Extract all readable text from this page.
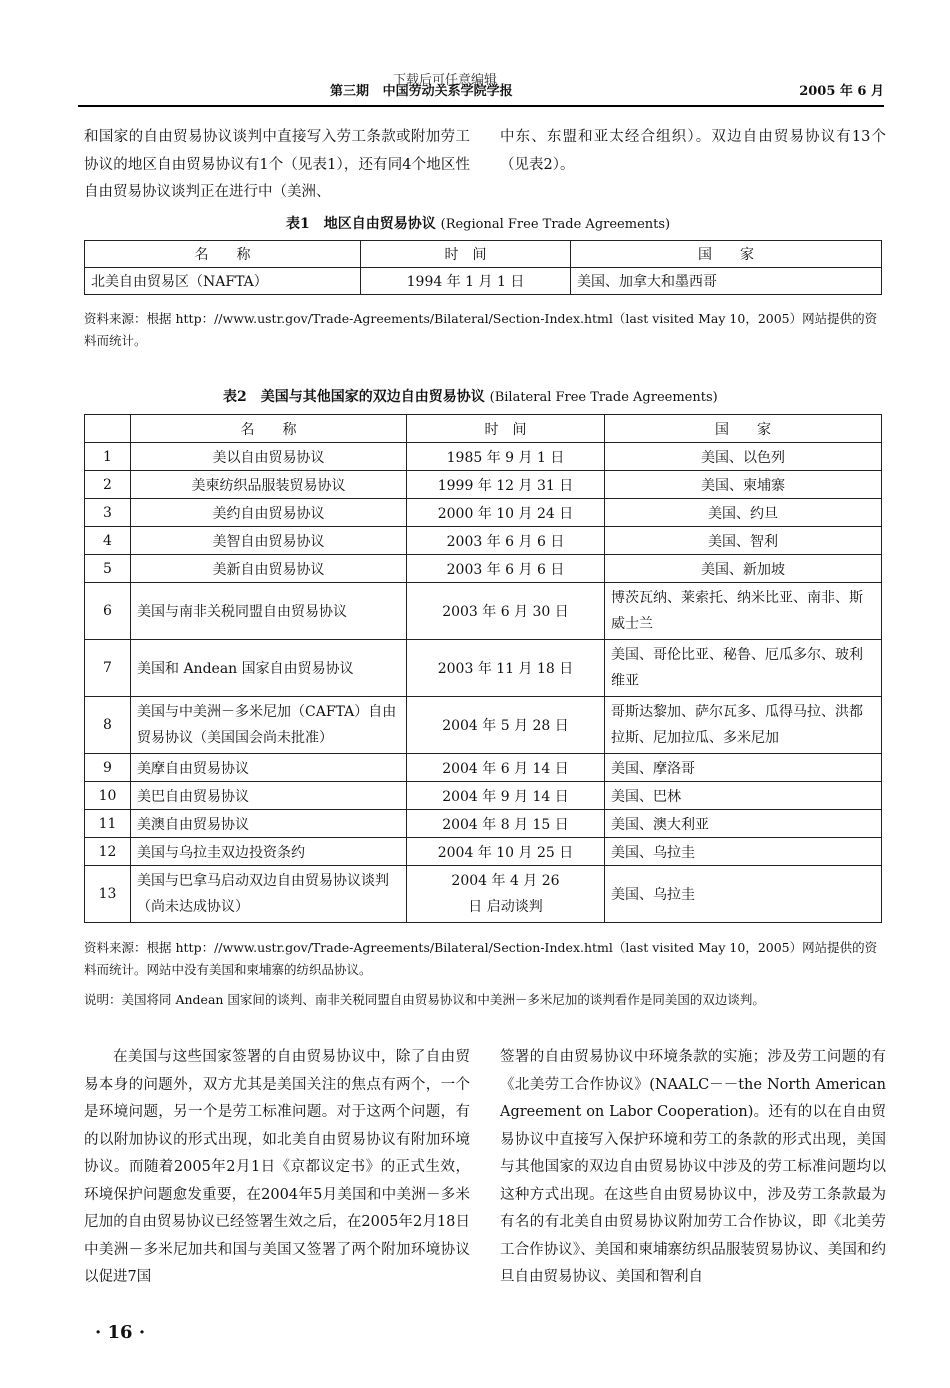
下载后可任意编辑
第三期 中国劳动关系学院学报	2005 年 6 月

和国家的自由贸易协议谈判中直接写入劳工条款或附加劳工协议的地区自由贸易协议有1个（见表1），还有同4个地区性自由贸易协议谈判正在进行中（美洲、

中东、东盟和亚太经合组织）。双边自由贸易协议有13个（见表2）。

表1　地区自由贸易协议 (Regional Free Trade Agreements)
名　　称	时　间	国　　家
北美自由贸易区（NAFTA）	1994 年 1 月 1 日	美国、加拿大和墨西哥

资料来源：根据 http：//www.ustr.gov/Trade-Agreements/Bilateral/Section-Index.html（last visited May 10，2005）网站提供的资料而统计。

表2　美国与其他国家的双边自由贸易协议 (Bilateral Free Trade Agreements)
	名　　称	时　间	国　　家
1	美以自由贸易协议	1985 年 9 月 1 日	美国、以色列
2	美柬纺织品服装贸易协议	1999 年 12 月 31 日	美国、柬埔寨
3	美约自由贸易协议	2000 年 10 月 24 日	美国、约旦
4	美智自由贸易协议	2003 年 6 月 6 日	美国、智利
5	美新自由贸易协议	2003 年 6 月 6 日	美国、新加坡
6	美国与南非关税同盟自由贸易协议	2003 年 6 月 30 日	博茨瓦纳、莱索托、纳米比亚、南非、斯威士兰
7	美国和 Andean 国家自由贸易协议	2003 年 11 月 18 日	美国、哥伦比亚、秘鲁、厄瓜多尔、玻利维亚
8	美国与中美洲－多米尼加（CAFTA）自由贸易协议（美国国会尚未批准）	2004 年 5 月 28 日	哥斯达黎加、萨尔瓦多、瓜得马拉、洪都拉斯、尼加拉瓜、多米尼加
9	美摩自由贸易协议	2004 年 6 月 14 日	美国、摩洛哥
10	美巴自由贸易协议	2004 年 9 月 14 日	美国、巴林
11	美澳自由贸易协议	2004 年 8 月 15 日	美国、澳大利亚
12	美国与乌拉圭双边投资条约	2004 年 10 月 25 日	美国、乌拉圭
13	美国与巴拿马启动双边自由贸易协议谈判（尚未达成协议）	2004 年 4 月 26 日 启动谈判	美国、乌拉圭

资料来源：根据 http：//www.ustr.gov/Trade-Agreements/Bilateral/Section-Index.html（last visited May 10，2005）网站提供的资料而统计。网站中没有美国和柬埔寨的纺织品协议。

说明：美国将同 Andean 国家间的谈判、南非关税同盟自由贸易协议和中美洲－多米尼加的谈判看作是同美国的双边谈判。

在美国与这些国家签署的自由贸易协议中，除了自由贸易本身的问题外，双方尤其是美国关注的焦点有两个，一个是环境问题，另一个是劳工标准问题。对于这两个问题，有的以附加协议的形式出现，如北美自由贸易协议有附加环境协议。而随着2005年2月1日《京都议定书》的正式生效，环境保护问题愈发重要，在2004年5月美国和中美洲－多米尼加的自由贸易协议已经签署生效之后，在2005年2月18日中美洲－多米尼加共和国与美国又签署了两个附加环境协议以促进7国

签署的自由贸易协议中环境条款的实施；涉及劳工问题的有《北美劳工合作协议》(NAALC－－the North American Agreement on Labor Cooperation)。还有的以在自由贸易协议中直接写入保护环境和劳工的条款的形式出现，美国与其他国家的双边自由贸易协议中涉及的劳工标准问题均以这种方式出现。在这些自由贸易协议中，涉及劳工条款最为有名的有北美自由贸易协议附加劳工合作协议，即《北美劳工合作协议》、美国和柬埔寨纺织品服装贸易协议、美国和约旦自由贸易协议、美国和智利自

· 16 ·
